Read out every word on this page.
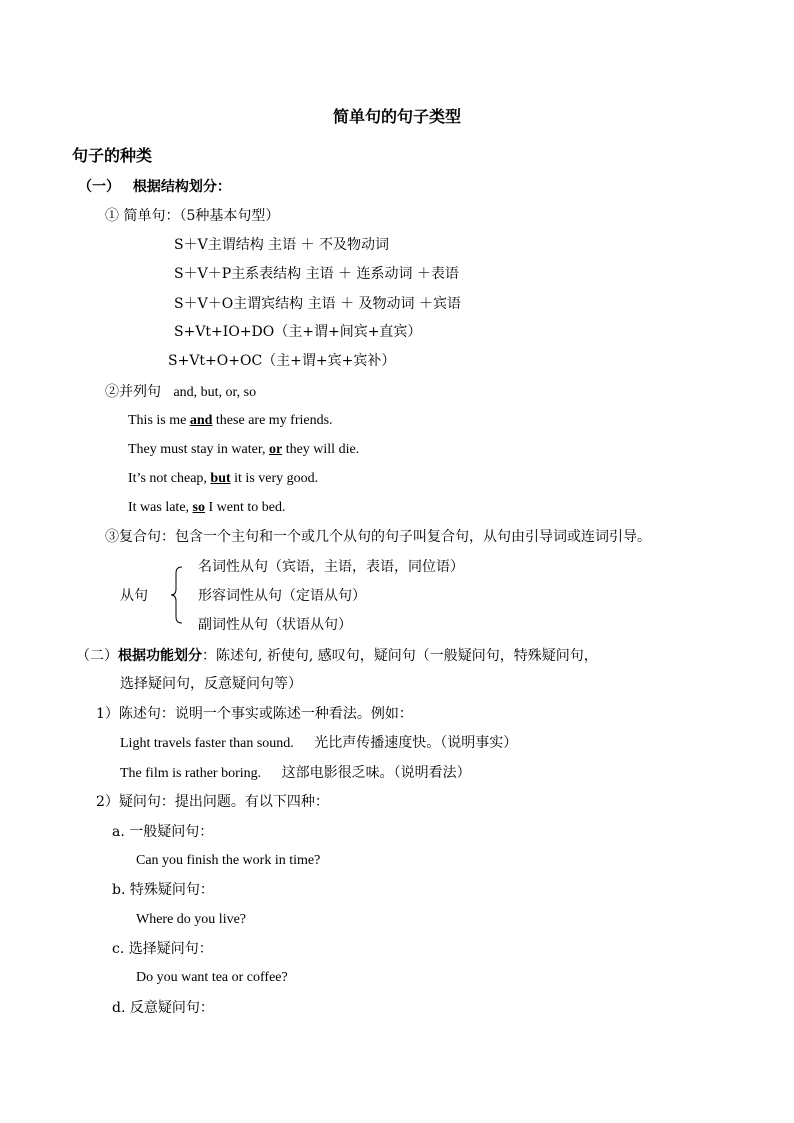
简单句的句子类型
句子的种类
（一） 根据结构划分：
① 简单句：（5种基本句型）
S＋V主谓结构 主语 ＋ 不及物动词
S＋V＋P主系表结构 主语 ＋ 连系动词 ＋表语
S＋V＋O主谓宾结构 主语 ＋ 及物动词 ＋宾语
S+Vt+IO+DO（主+谓+间宾+直宾）
S+Vt+O+OC（主+谓+宾+宾补）
②并列句 and, but, or, so
This is me and these are my friends.
They must stay in water, or they will die.
It’s not cheap, but it is very good.
It was late, so I went to bed.
③复合句：包含一个主句和一个或几个从句的句子叫复合句，从句由引导词或连词引导。
从句
名词性从句（宾语，主语，表语，同位语）
形容词性从句（定语从句）
副词性从句（状语从句）
（二）根据功能划分：陈述句, 祈使句, 感叹句，疑问句（一般疑问句，特殊疑问句，
选择疑问句，反意疑问句等）
1）陈述句：说明一个事实或陈述一种看法。例如：
Light travels faster than sound. 光比声传播速度快。（说明事实）
The film is rather boring. 这部电影很乏味。（说明看法）
2）疑问句：提出问题。有以下四种：
a. 一般疑问句：
Can you finish the work in time?
b. 特殊疑问句：
Where do you live?
c. 选择疑问句：
Do you want tea or coffee?
d. 反意疑问句：
